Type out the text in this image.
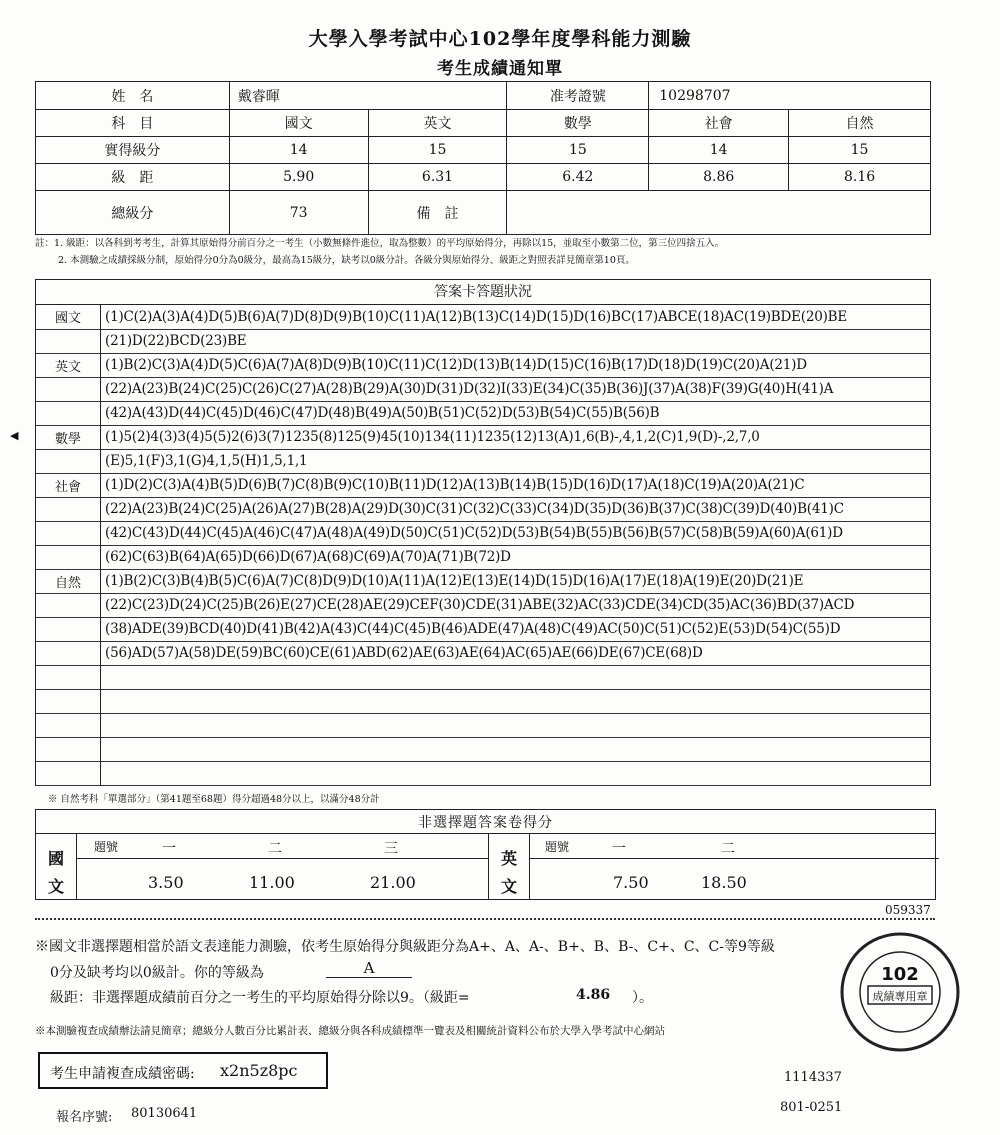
大學入學考試中心102學年度學科能力測驗
考生成績通知單
姓　名	戴睿暉		准考證號	10298707	
科　目	國文	英文	數學	社會	自然
實得級分	14	15	15	14	15
級　距	5.90	6.31	6.42	8.86	8.16
總級分	73	備　註			
註：1. 級距：以各科到考考生，計算其原始得分前百分之一考生（小數無條件進位，取為整數）的平均原始得分，再除以15，並取至小數第二位，第三位四捨五入。
2. 本測驗之成績採級分制，原始得分0分為0級分，最高為15級分，缺考以0級分計。各級分與原始得分、級距之對照表詳見簡章第10頁。
答案卡答題狀況
國文	(1)C(2)A(3)A(4)D(5)B(6)A(7)D(8)D(9)B(10)C(11)A(12)B(13)C(14)D(15)D(16)BC(17)ABCE(18)AC(19)BDE(20)BE
	(21)D(22)BCD(23)BE
英文	(1)B(2)C(3)A(4)D(5)C(6)A(7)A(8)D(9)B(10)C(11)C(12)D(13)B(14)D(15)C(16)B(17)D(18)D(19)C(20)A(21)D
	(22)A(23)B(24)C(25)C(26)C(27)A(28)B(29)A(30)D(31)D(32)I(33)E(34)C(35)B(36)J(37)A(38)F(39)G(40)H(41)A
	(42)A(43)D(44)C(45)D(46)C(47)D(48)B(49)A(50)B(51)C(52)D(53)B(54)C(55)B(56)B
數學	(1)5(2)4(3)3(4)5(5)2(6)3(7)1235(8)125(9)45(10)134(11)1235(12)13(A)1,6(B)-,4,1,2(C)1,9(D)-,2,7,0
	(E)5,1(F)3,1(G)4,1,5(H)1,5,1,1
社會	(1)D(2)C(3)A(4)B(5)D(6)B(7)C(8)B(9)C(10)B(11)D(12)A(13)B(14)B(15)D(16)D(17)A(18)C(19)A(20)A(21)C
	(22)A(23)B(24)C(25)A(26)A(27)B(28)A(29)D(30)C(31)C(32)C(33)C(34)D(35)D(36)B(37)C(38)C(39)D(40)B(41)C
	(42)C(43)D(44)C(45)A(46)C(47)A(48)A(49)D(50)C(51)C(52)D(53)B(54)B(55)B(56)B(57)C(58)B(59)A(60)A(61)D
	(62)C(63)B(64)A(65)D(66)D(67)A(68)C(69)A(70)A(71)B(72)D
自然	(1)B(2)C(3)B(4)B(5)C(6)A(7)C(8)D(9)D(10)A(11)A(12)E(13)E(14)D(15)D(16)A(17)E(18)A(19)E(20)D(21)E
	(22)C(23)D(24)C(25)B(26)E(27)CE(28)AE(29)CEF(30)CDE(31)ABE(32)AC(33)CDE(34)CD(35)AC(36)BD(37)ACD
	(38)ADE(39)BCD(40)D(41)B(42)A(43)C(44)C(45)B(46)ADE(47)A(48)C(49)AC(50)C(51)C(52)E(53)D(54)C(55)D
	(56)AD(57)A(58)DE(59)BC(60)CE(61)ABD(62)AE(63)AE(64)AC(65)AE(66)DE(67)CE(68)D

◀
※ 自然考科「單選部分」（第41題至68題）得分超過48分以上，以滿分48分計
非選擇題答案卷得分

國
文
題號	一	二	三
3.50	11.00	21.00

英
文
題號	一	二
7.50	18.50
059337
※國文非選擇題相當於語文表達能力測驗，依考生原始得分與級距分為A+、A、A-、B+、B、B-、C+、C、C-等9等級
0分及缺考均以0級計。你的等級為	A
級距：非選擇題成績前百分之一考生的平均原始得分除以9。（級距=	4.86 ）。
102
成績專用章
※本測驗複查成績辦法請見簡章；總級分人數百分比累計表、總級分與各科成績標準一覽表及相關統計資料公布於大學入學考試中心網站
考生申請複查成績密碼: x2n5z8pc	1114337
報名序號: 80130641	801-0251
